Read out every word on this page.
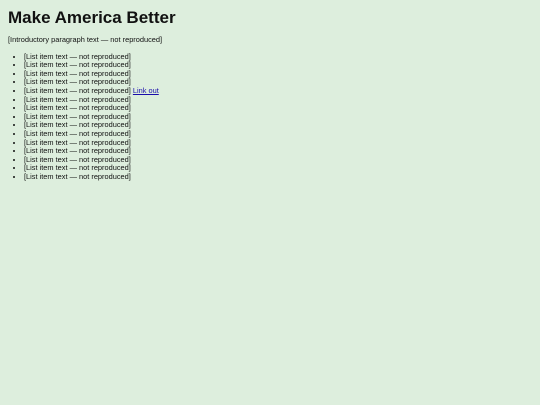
Make America Better

[Introductory paragraph text — not reproduced]

• [List item text — not reproduced]
• [List item text — not reproduced]
• [List item text — not reproduced]
• [List item text — not reproduced]
• [List item text — not reproduced] Link out
• [List item text — not reproduced]
• [List item text — not reproduced]
• [List item text — not reproduced]
• [List item text — not reproduced]
• [List item text — not reproduced]
• [List item text — not reproduced]
• [List item text — not reproduced]
• [List item text — not reproduced]
• [List item text — not reproduced]
• [List item text — not reproduced]
